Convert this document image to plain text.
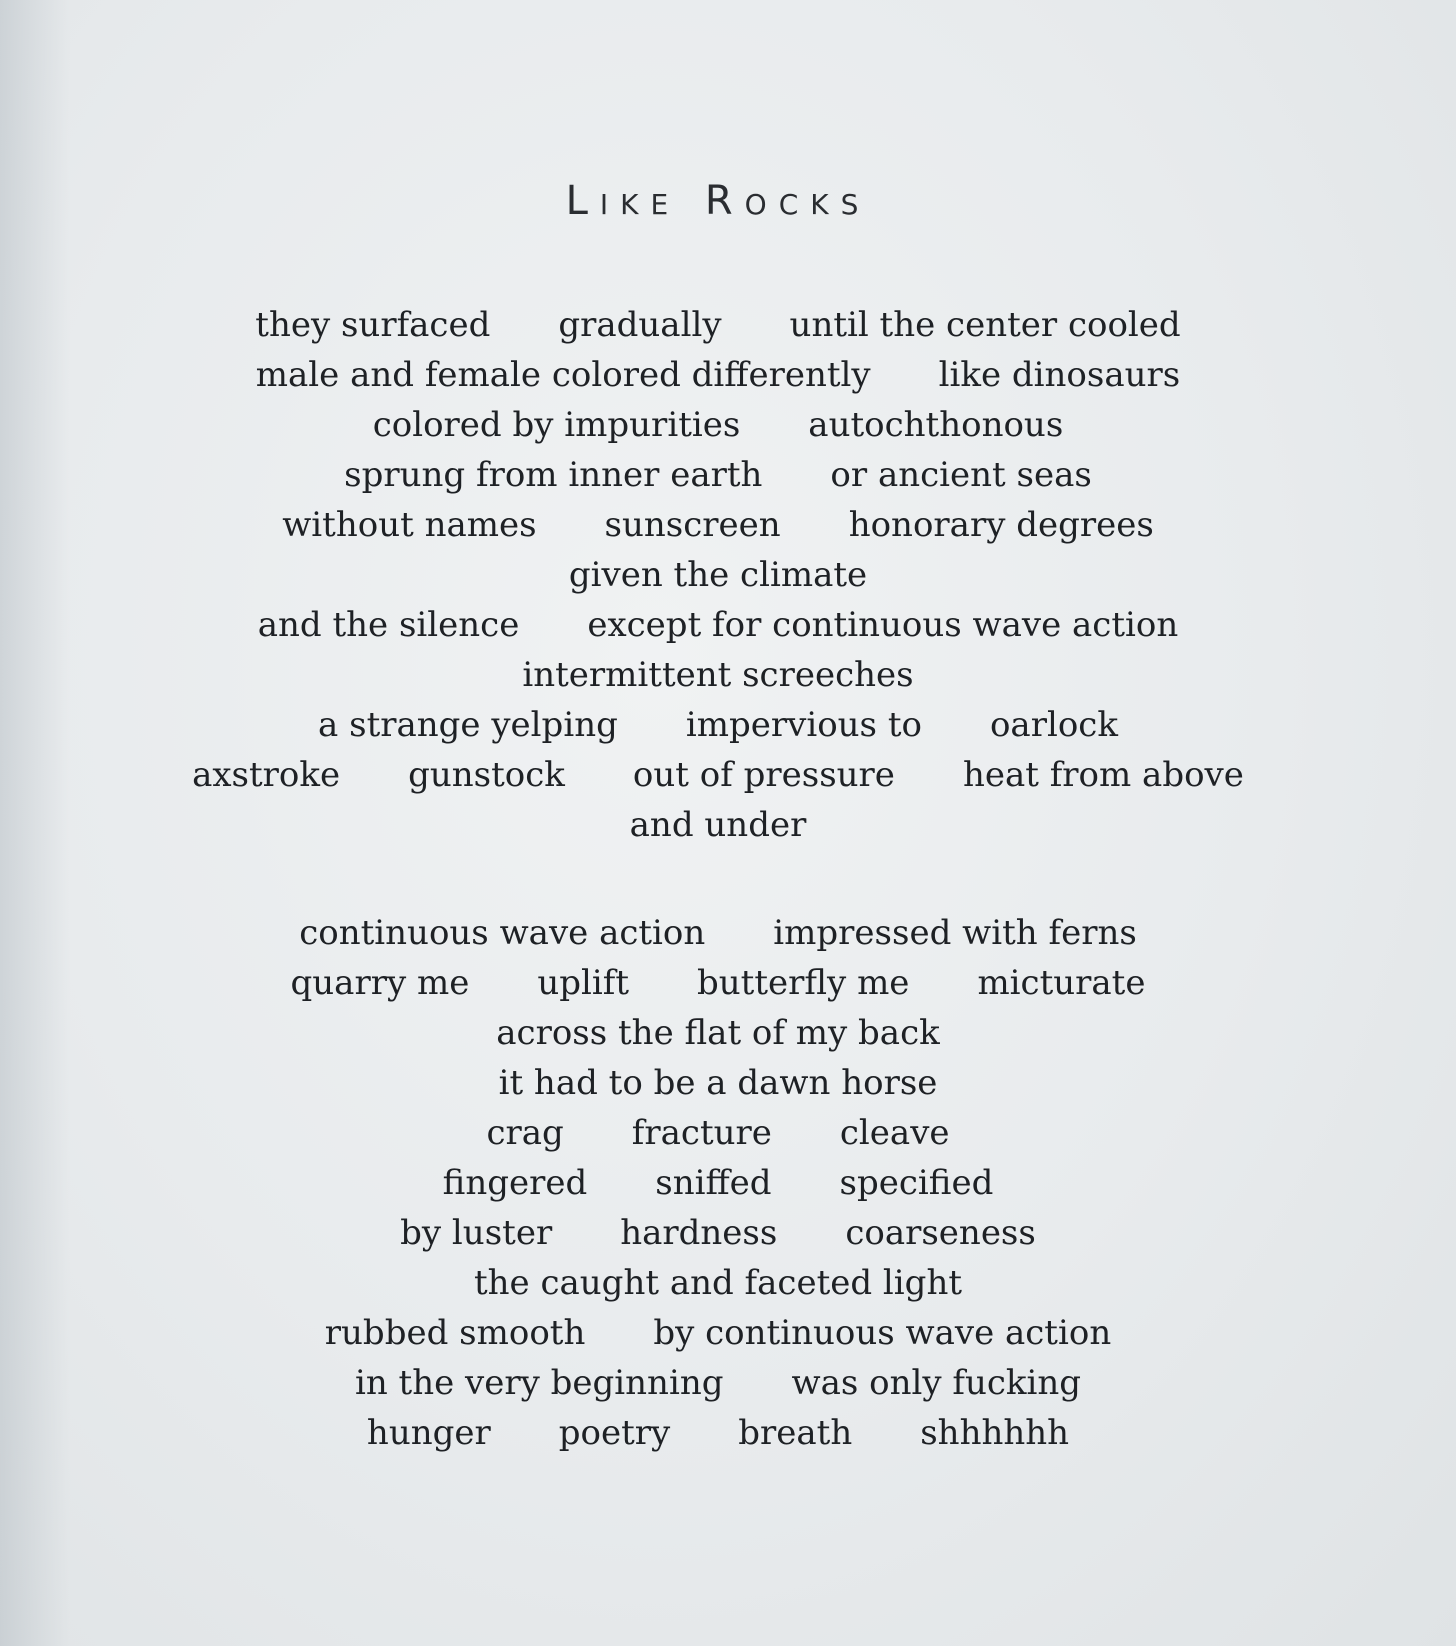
Like Rocks
they surfaced gradually until the center cooled
male and female colored differently like dinosaurs
colored by impurities autochthonous
sprung from inner earth or ancient seas
without names sunscreen honorary degrees
given the climate
and the silence except for continuous wave action
intermittent screeches
a strange yelping impervious to oarlock
axstroke gunstock out of pressure heat from above
and under
continuous wave action impressed with ferns
quarry me uplift butterfly me micturate
across the flat of my back
it had to be a dawn horse
crag fracture cleave
fingered sniffed specified
by luster hardness coarseness
the caught and faceted light
rubbed smooth by continuous wave action
in the very beginning was only fucking
hunger poetry breath shhhhhh
